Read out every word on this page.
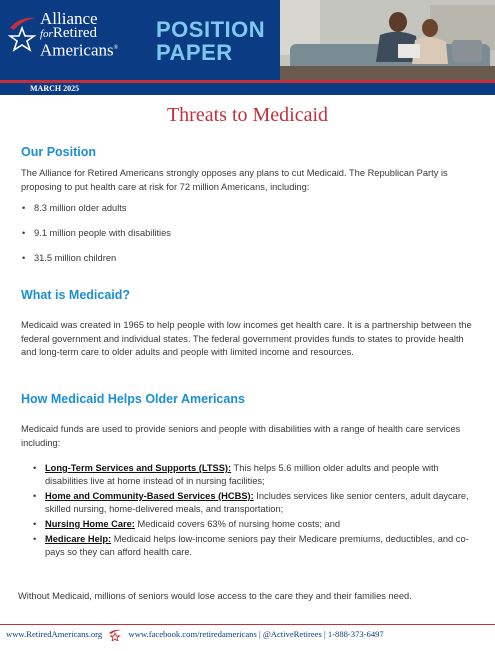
Alliance
forRetired
Americans®
POSITION
PAPER
MARCH 2025
Threats to Medicaid
Our Position
The Alliance for Retired Americans strongly opposes any plans to cut Medicaid. The Republican Party is proposing to put health care at risk for 72 million Americans, including:
• 8.3 million older adults
• 9.1 million people with disabilities
• 31.5 million children
What is Medicaid?
Medicaid was created in 1965 to help people with low incomes get health care. It is a partnership between the federal government and individual states. The federal government provides funds to states to provide health and long-term care to older adults and people with limited income and resources.
How Medicaid Helps Older Americans
Medicaid funds are used to provide seniors and people with disabilities with a range of health care services including:
• Long-Term Services and Supports (LTSS): This helps 5.6 million older adults and people with disabilities live at home instead of in nursing facilities;
• Home and Community-Based Services (HCBS): Includes services like senior centers, adult daycare, skilled nursing, home-delivered meals, and transportation;
• Nursing Home Care: Medicaid covers 63% of nursing home costs; and
• Medicare Help: Medicaid helps low-income seniors pay their Medicare premiums, deductibles, and co-pays so they can afford health care.
Without Medicaid, millions of seniors would lose access to the care they and their families need.
www.RetiredAmericans.org	www.facebook.com/retiredamericans | @ActiveRetirees | 1-888-373-6497
